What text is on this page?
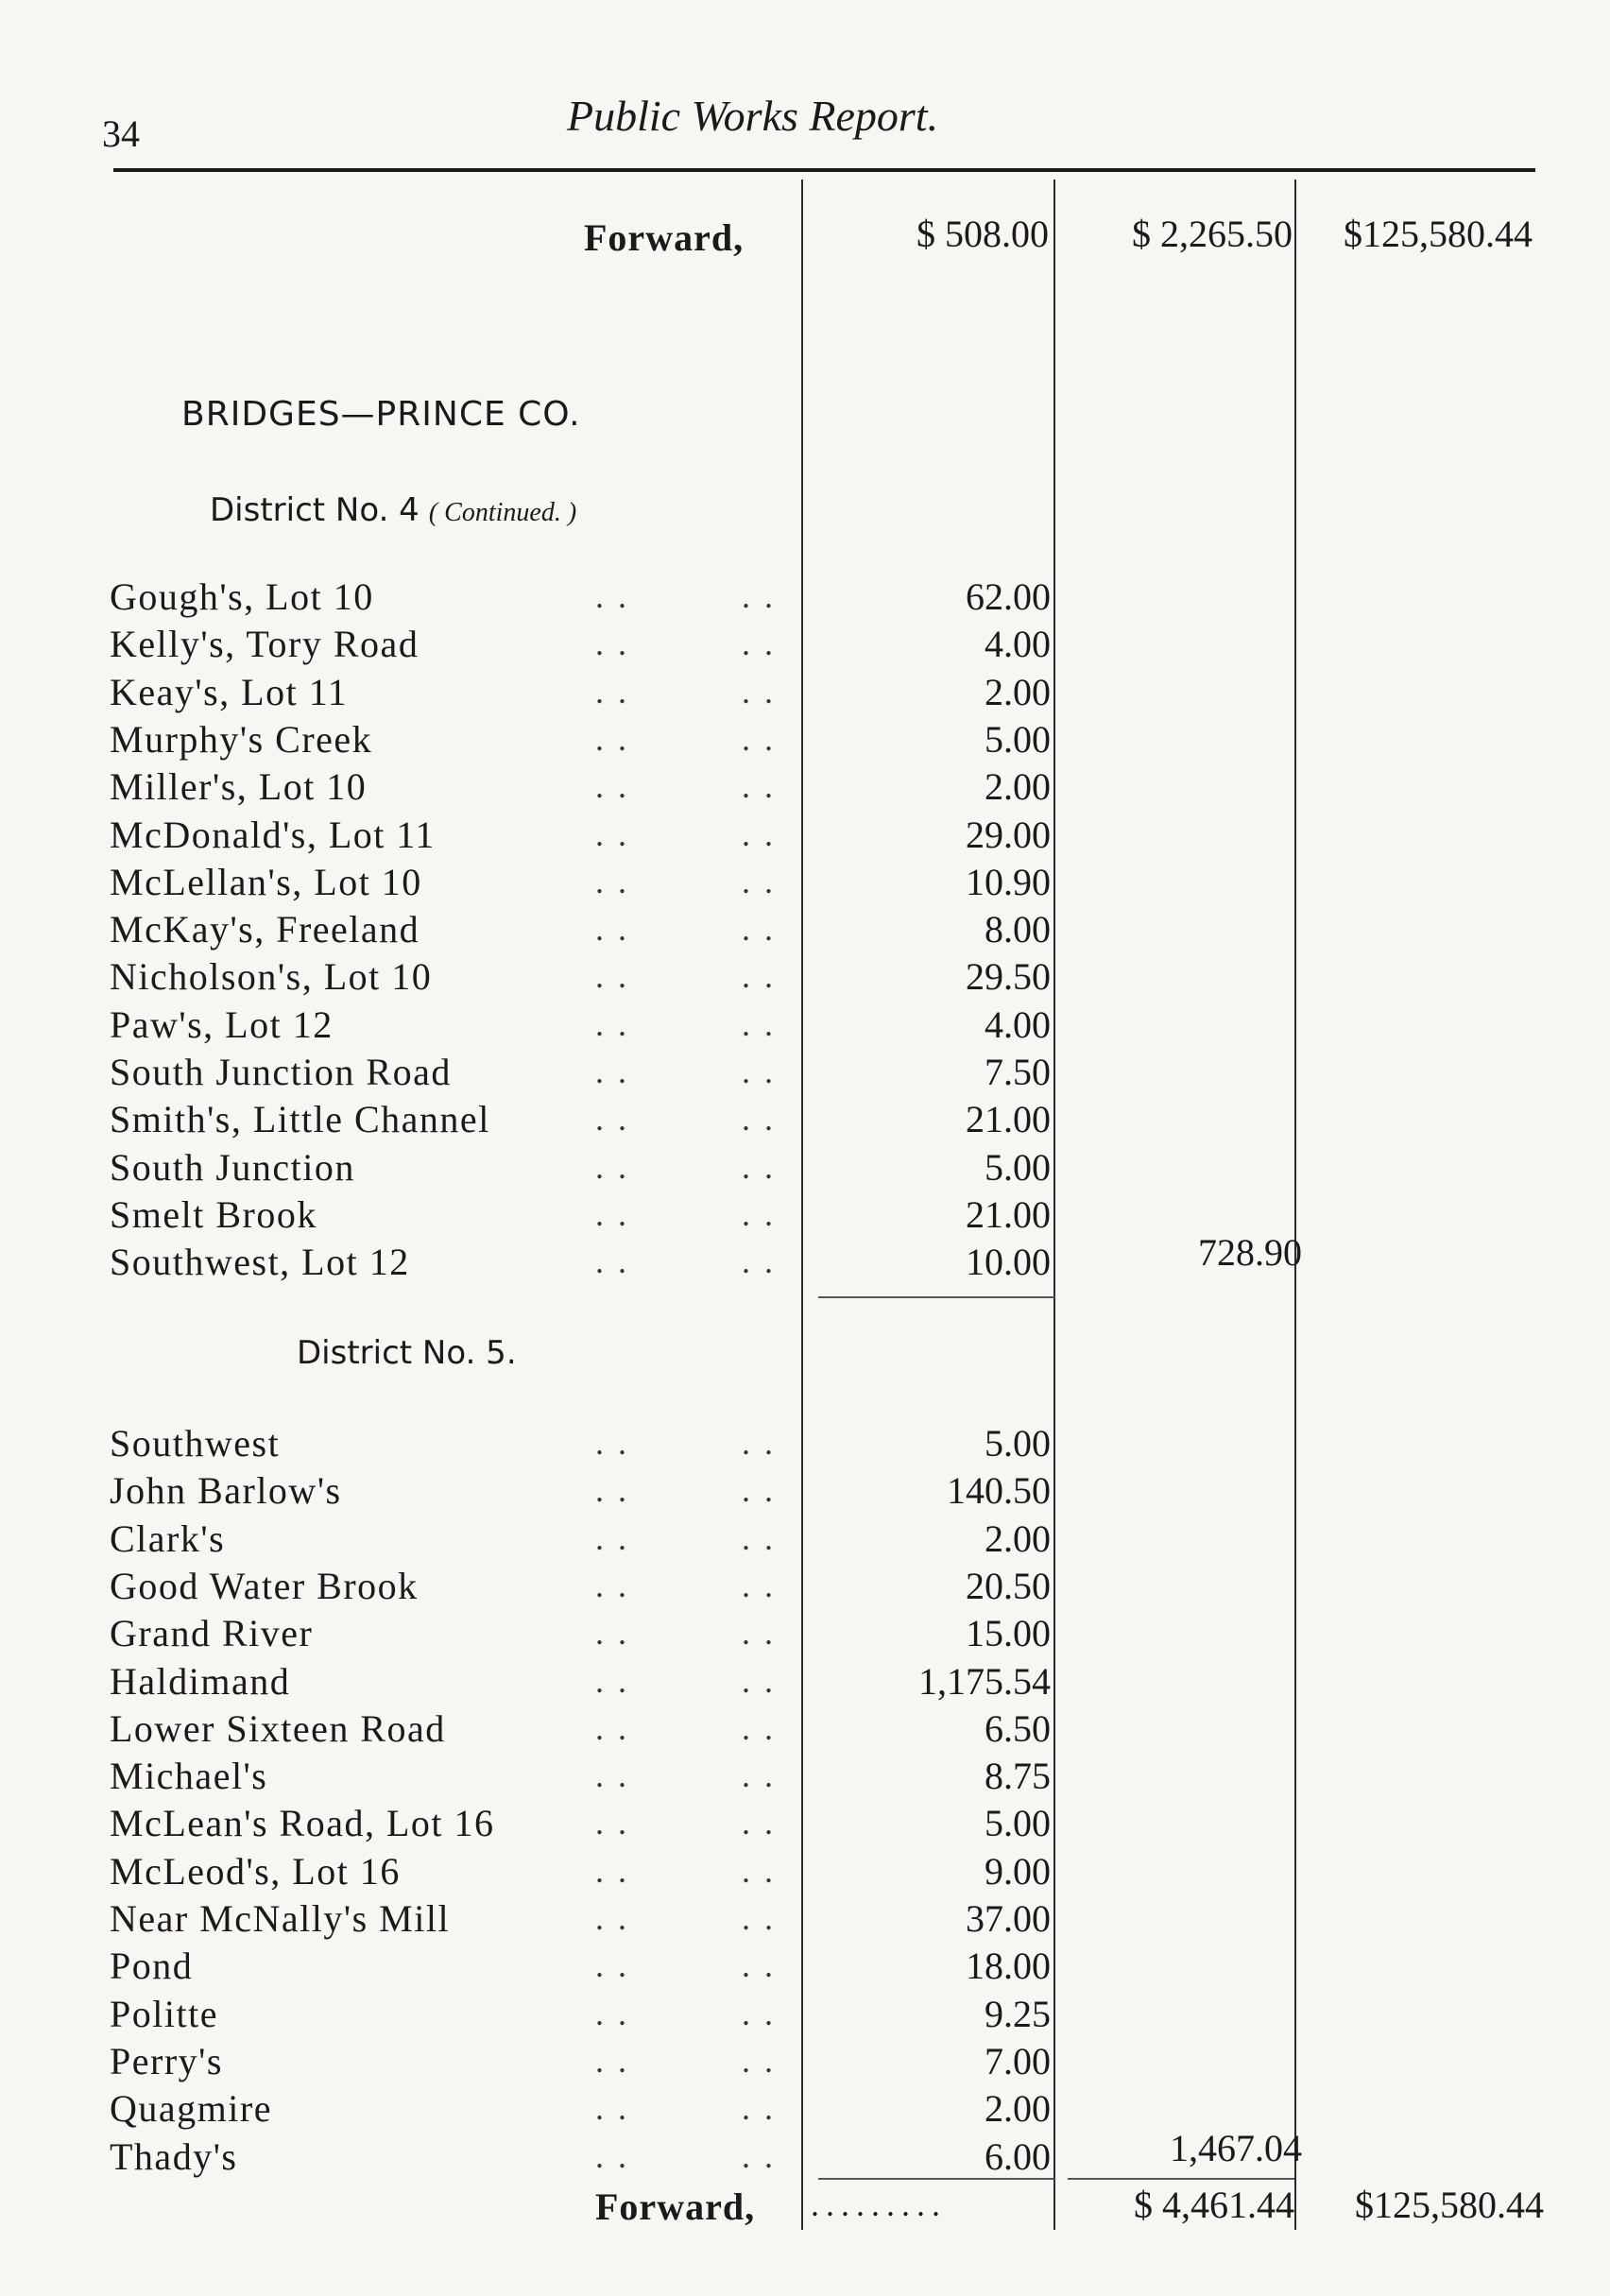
34	Public Works Report.
Forward,	$ 508.00	$ 2,265.50	$125,580.44
BRIDGES—PRINCE CO.
District No. 4 ( Continued. )
Gough's, Lot 10	. .	. .	62.00
Kelly's, Tory Road	. .	. .	4.00
Keay's, Lot 11	. .	. .	2.00
Murphy's Creek	. .	. .	5.00
Miller's, Lot 10	. .	. .	2.00
McDonald's, Lot 11	. .	. .	29.00
McLellan's, Lot 10	. .	. .	10.90
McKay's, Freeland	. .	. .	8.00
Nicholson's, Lot 10	. .	. .	29.50
Paw's, Lot 12	. .	. .	4.00
South Junction Road	. .	. .	7.50
Smith's, Little Channel	. .	. .	21.00
South Junction	. .	. .	5.00
Smelt Brook	. .	. .	21.00
Southwest, Lot 12	. .	. .	10.00	728.90
District No. 5.
Southwest	. .	. .	5.00
John Barlow's	. .	. .	140.50
Clark's	. .	. .	2.00
Good Water Brook	. .	. .	20.50
Grand River	. .	. .	15.00
Haldimand	. .	. .	1,175.54
Lower Sixteen Road	. .	. .	6.50
Michael's	. .	. .	8.75
McLean's Road, Lot 16	. .	. .	5.00
McLeod's, Lot 16	. .	. .	9.00
Near McNally's Mill	. .	. .	37.00
Pond	. .	. .	18.00
Politte	. .	. .	9.25
Perry's	. .	. .	7.00
Quagmire	. .	. .	2.00
Thady's	. .	. .	6.00	1,467.04
Forward, .........	$ 4,461.44	$125,580.44
